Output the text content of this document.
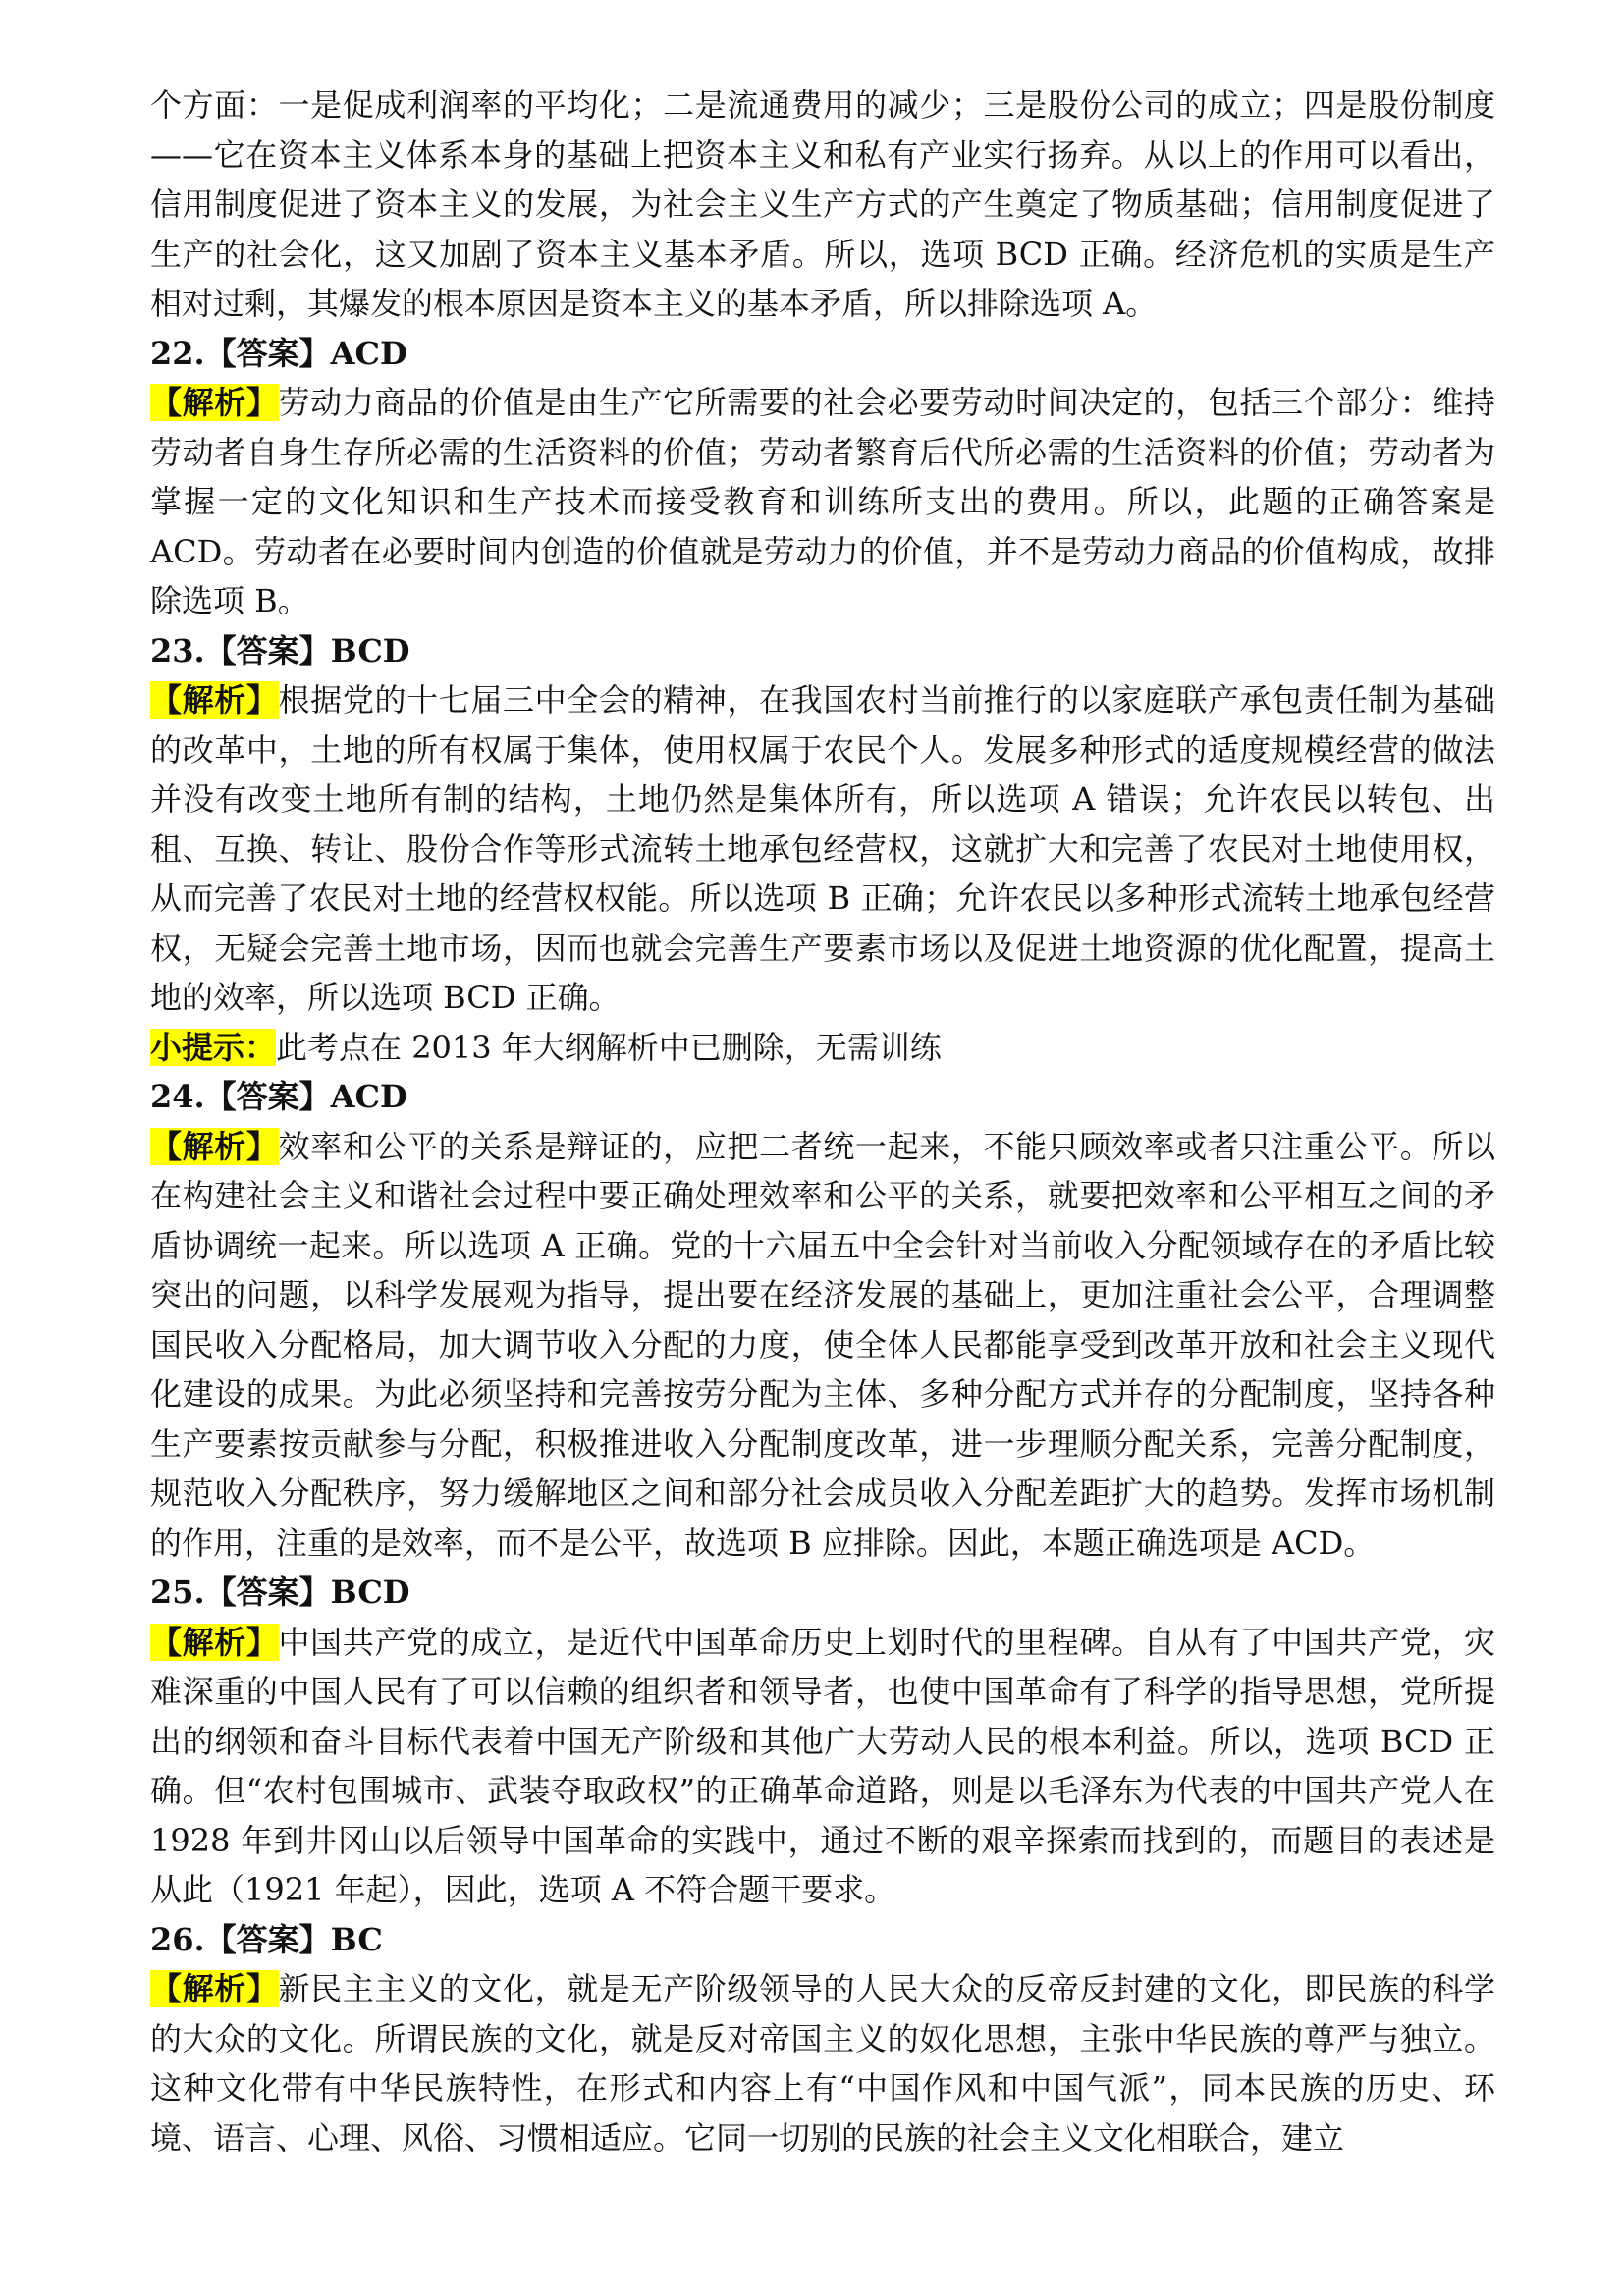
个方面：一是促成利润率的平均化；二是流通费用的减少；三是股份公司的成立；四是股份制度——它在资本主义体系本身的基础上把资本主义和私有产业实行扬弃。从以上的作用可以看出，信用制度促进了资本主义的发展，为社会主义生产方式的产生奠定了物质基础；信用制度促进了生产的社会化，这又加剧了资本主义基本矛盾。所以，选项 BCD 正确。经济危机的实质是生产相对过剩，其爆发的根本原因是资本主义的基本矛盾，所以排除选项 A。

22.【答案】ACD

【解析】劳动力商品的价值是由生产它所需要的社会必要劳动时间决定的，包括三个部分：维持劳动者自身生存所必需的生活资料的价值；劳动者繁育后代所必需的生活资料的价值；劳动者为掌握一定的文化知识和生产技术而接受教育和训练所支出的费用。所以，此题的正确答案是 ACD。劳动者在必要时间内创造的价值就是劳动力的价值，并不是劳动力商品的价值构成，故排除选项 B。

23.【答案】BCD

【解析】根据党的十七届三中全会的精神，在我国农村当前推行的以家庭联产承包责任制为基础的改革中，土地的所有权属于集体，使用权属于农民个人。发展多种形式的适度规模经营的做法并没有改变土地所有制的结构，土地仍然是集体所有，所以选项 A 错误；允许农民以转包、出租、互换、转让、股份合作等形式流转土地承包经营权，这就扩大和完善了农民对土地使用权，从而完善了农民对土地的经营权权能。所以选项 B 正确；允许农民以多种形式流转土地承包经营权，无疑会完善土地市场，因而也就会完善生产要素市场以及促进土地资源的优化配置，提高土地的效率，所以选项 BCD 正确。

小提示：此考点在 2013 年大纲解析中已删除，无需训练

24.【答案】ACD

【解析】效率和公平的关系是辩证的，应把二者统一起来，不能只顾效率或者只注重公平。所以在构建社会主义和谐社会过程中要正确处理效率和公平的关系，就要把效率和公平相互之间的矛盾协调统一起来。所以选项 A 正确。党的十六届五中全会针对当前收入分配领域存在的矛盾比较突出的问题，以科学发展观为指导，提出要在经济发展的基础上，更加注重社会公平，合理调整国民收入分配格局，加大调节收入分配的力度，使全体人民都能享受到改革开放和社会主义现代化建设的成果。为此必须坚持和完善按劳分配为主体、多种分配方式并存的分配制度，坚持各种生产要素按贡献参与分配，积极推进收入分配制度改革，进一步理顺分配关系，完善分配制度，规范收入分配秩序，努力缓解地区之间和部分社会成员收入分配差距扩大的趋势。发挥市场机制的作用，注重的是效率，而不是公平，故选项 B 应排除。因此，本题正确选项是 ACD。

25.【答案】BCD

【解析】中国共产党的成立，是近代中国革命历史上划时代的里程碑。自从有了中国共产党，灾难深重的中国人民有了可以信赖的组织者和领导者，也使中国革命有了科学的指导思想，党所提出的纲领和奋斗目标代表着中国无产阶级和其他广大劳动人民的根本利益。所以，选项 BCD 正确。但“农村包围城市、武装夺取政权”的正确革命道路，则是以毛泽东为代表的中国共产党人在 1928 年到井冈山以后领导中国革命的实践中，通过不断的艰辛探索而找到的，而题目的表述是从此（1921 年起），因此，选项 A 不符合题干要求。

26.【答案】BC

【解析】新民主主义的文化，就是无产阶级领导的人民大众的反帝反封建的文化，即民族的科学的大众的文化。所谓民族的文化，就是反对帝国主义的奴化思想，主张中华民族的尊严与独立。这种文化带有中华民族特性，在形式和内容上有“中国作风和中国气派”，同本民族的历史、环境、语言、心理、风俗、习惯相适应。它同一切别的民族的社会主义文化相联合，建立
